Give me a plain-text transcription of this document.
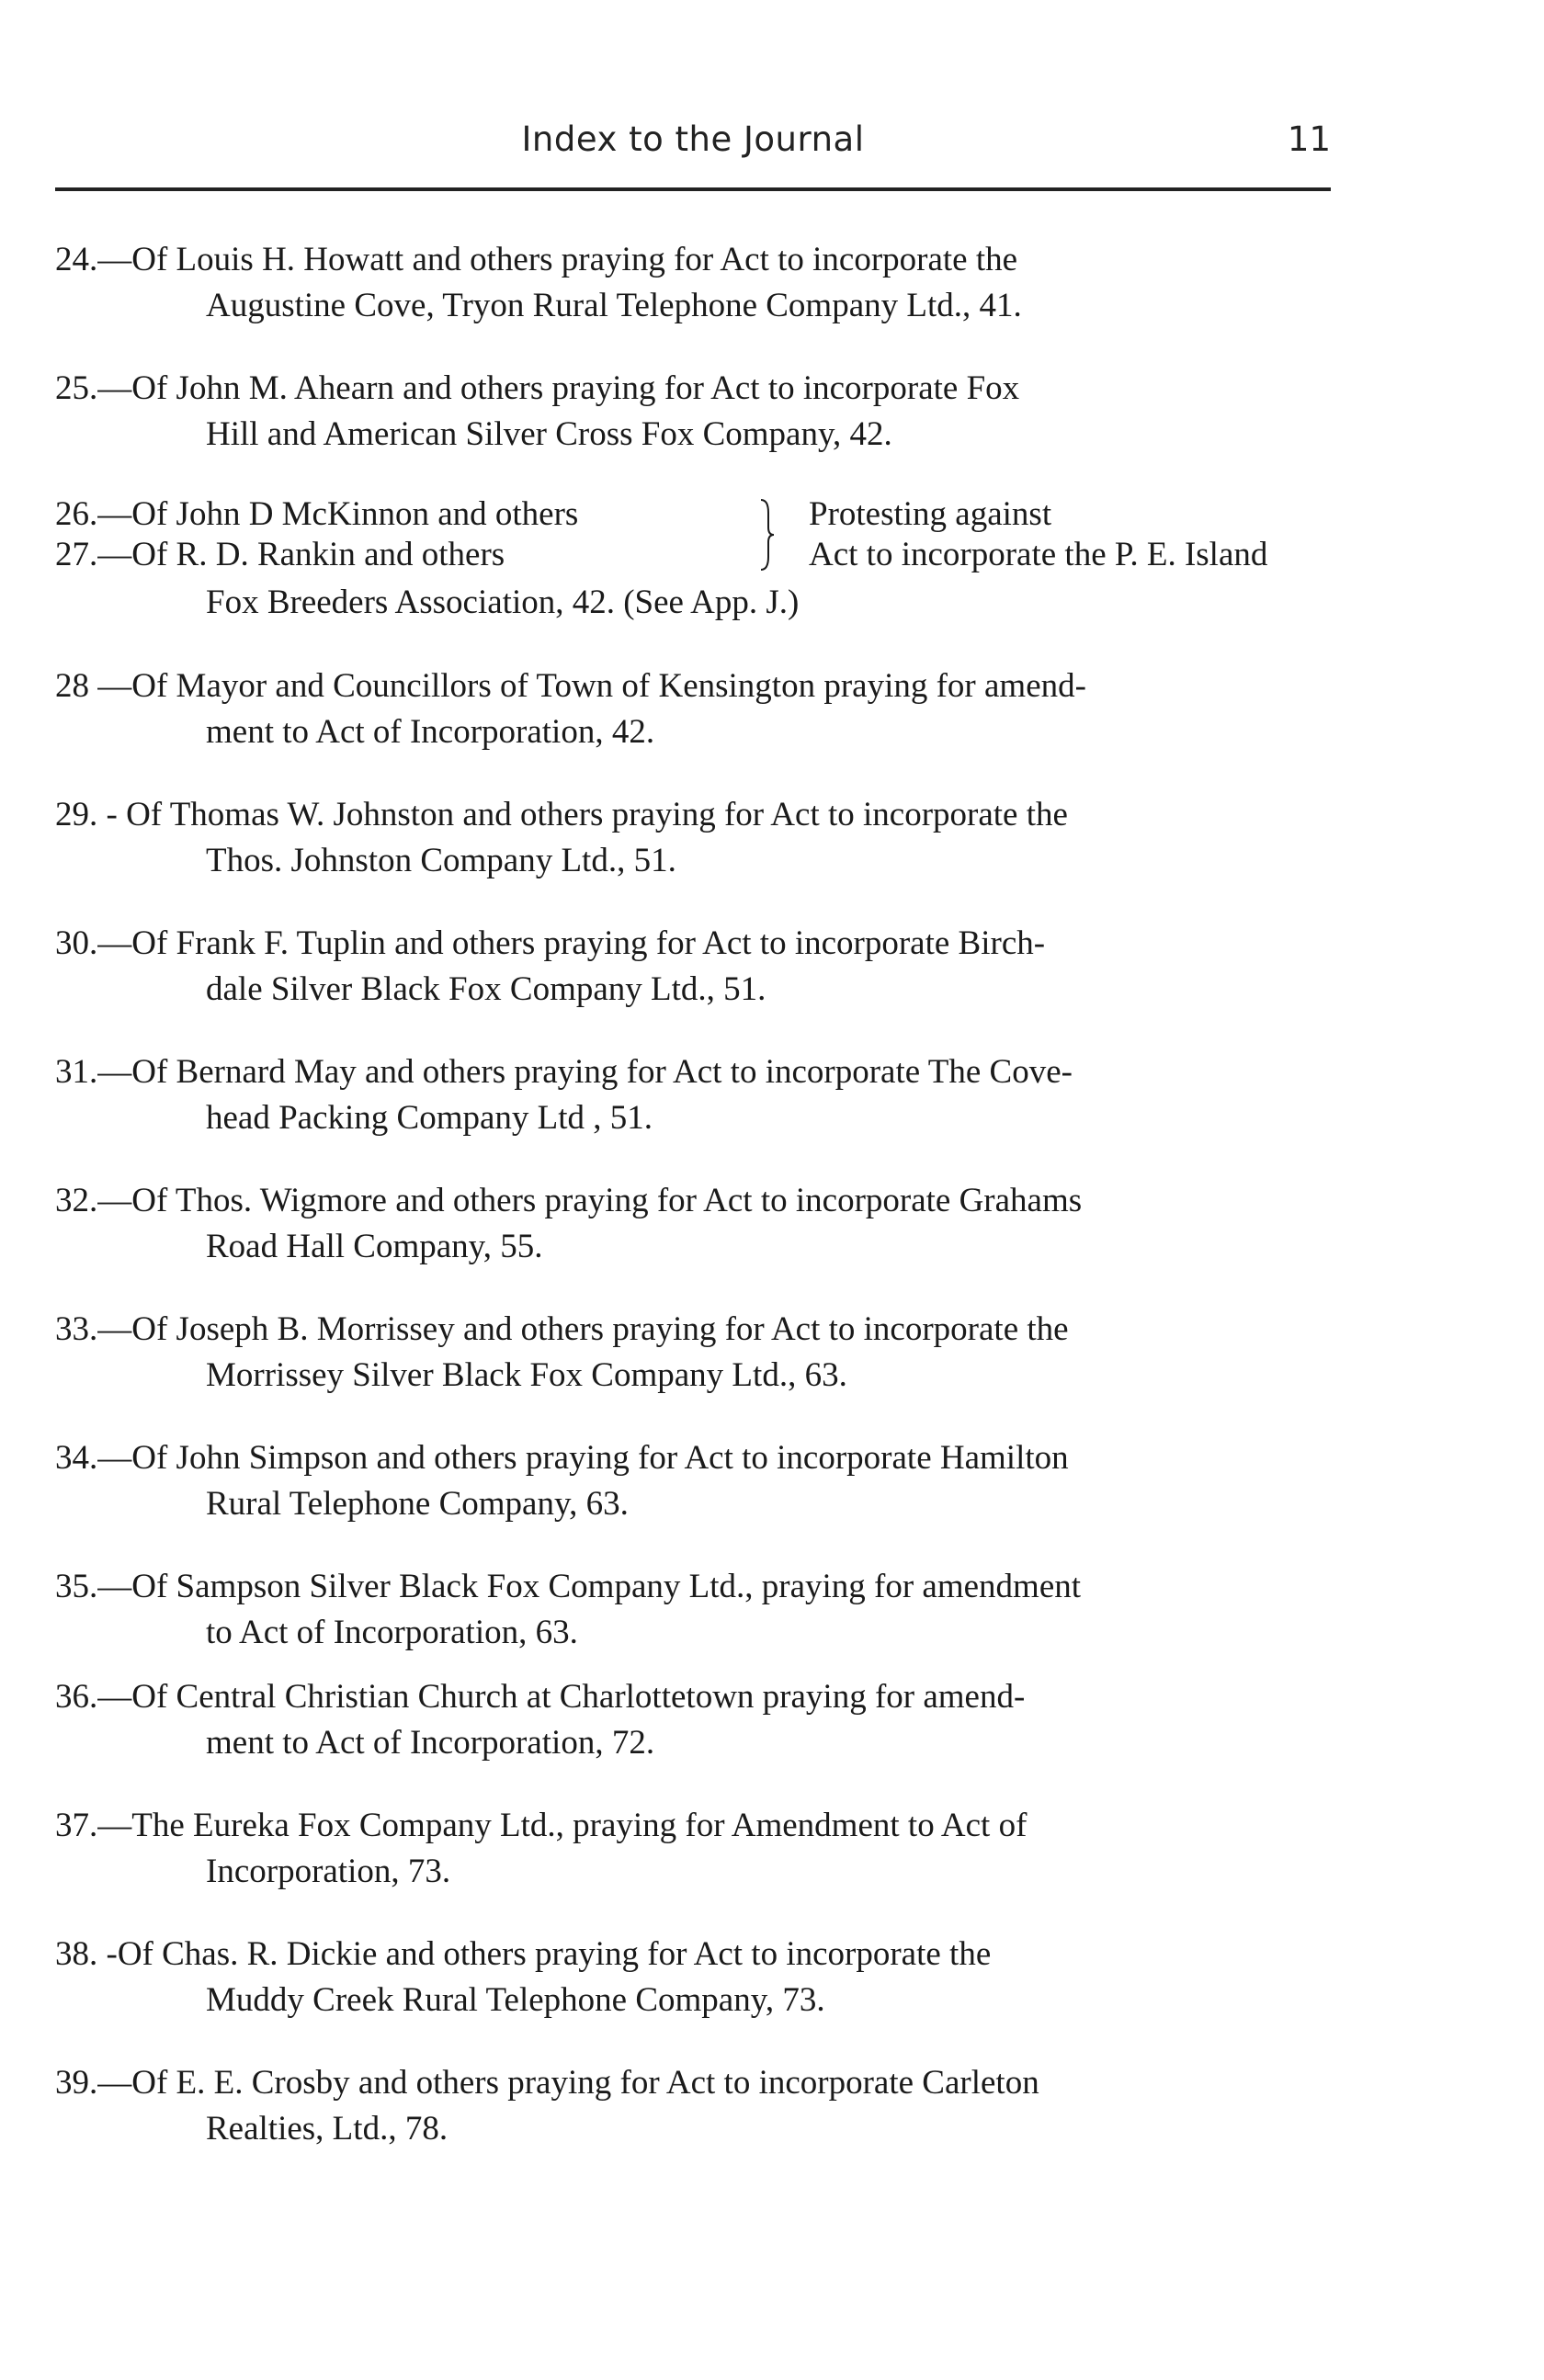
Index to the Journal	11
24.—Of Louis H. Howatt and others praying for Act to incorporate the
Augustine Cove, Tryon Rural Telephone Company Ltd., 41.
25.—Of John M. Ahearn and others praying for Act to incorporate Fox
Hill and American Silver Cross Fox Company, 42.
26.—Of John D McKinnon and others
27.—Of R. D. Rankin and others
Protesting against
Act to incorporate the P. E. Island
Fox Breeders Association, 42. (See App. J.)
28 —Of Mayor and Councillors of Town of Kensington praying for amend-
ment to Act of Incorporation, 42.
29. - Of Thomas W. Johnston and others praying for Act to incorporate the
Thos. Johnston Company Ltd., 51.
30.—Of Frank F. Tuplin and others praying for Act to incorporate Birch-
dale Silver Black Fox Company Ltd., 51.
31.—Of Bernard May and others praying for Act to incorporate The Cove-
head Packing Company Ltd , 51.
32.—Of Thos. Wigmore and others praying for Act to incorporate Grahams
Road Hall Company, 55.
33.—Of Joseph B. Morrissey and others praying for Act to incorporate the
Morrissey Silver Black Fox Company Ltd., 63.
34.—Of John Simpson and others praying for Act to incorporate Hamilton
Rural Telephone Company, 63.
35.—Of Sampson Silver Black Fox Company Ltd., praying for amendment
to Act of Incorporation, 63.
36.—Of Central Christian Church at Charlottetown praying for amend-
ment to Act of Incorporation, 72.
37.—The Eureka Fox Company Ltd., praying for Amendment to Act of
Incorporation, 73.
38. -Of Chas. R. Dickie and others praying for Act to incorporate the
Muddy Creek Rural Telephone Company, 73.
39.—Of E. E. Crosby and others praying for Act to incorporate Carleton
Realties, Ltd., 78.
